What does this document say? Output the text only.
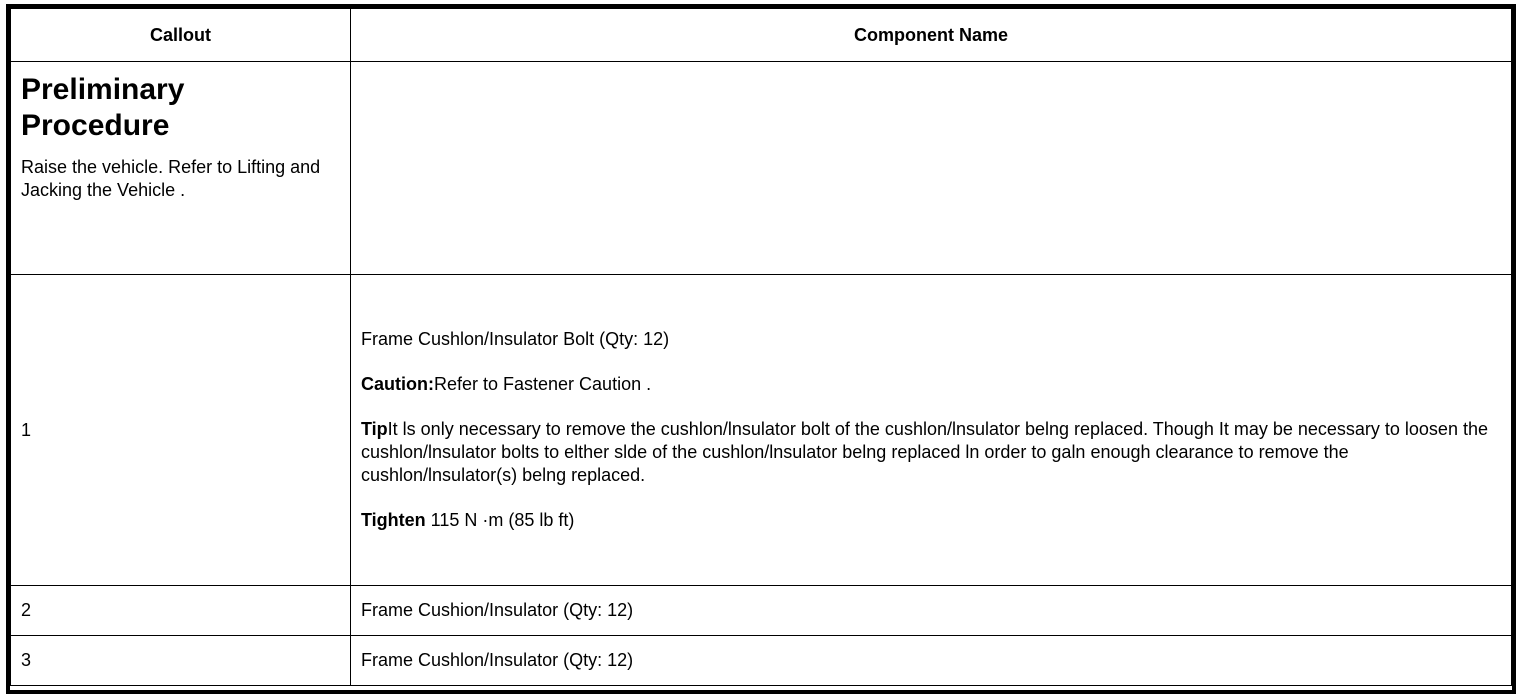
Callout	Component Name

Preliminary
Procedure

Raise the vehicle. Refer to Lifting and Jacking the Vehicle .	

1	Frame Cushlon/Insulator Bolt (Qty: 12)

Caution:Refer to Fastener Caution .

TipIt ls only necessary to remove the cushlon/lnsulator bolt of the cushlon/lnsulator belng replaced. Though It may be necessary to loosen the cushlon/lnsulator bolts to elther slde of the cushlon/lnsulator belng replaced ln order to galn enough clearance to remove the cushlon/lnsulator(s) belng replaced.

Tighten 115 N ·m (85 lb ft)

2	Frame Cushion/Insulator (Qty: 12)
3	Frame Cushlon/Insulator (Qty: 12)
